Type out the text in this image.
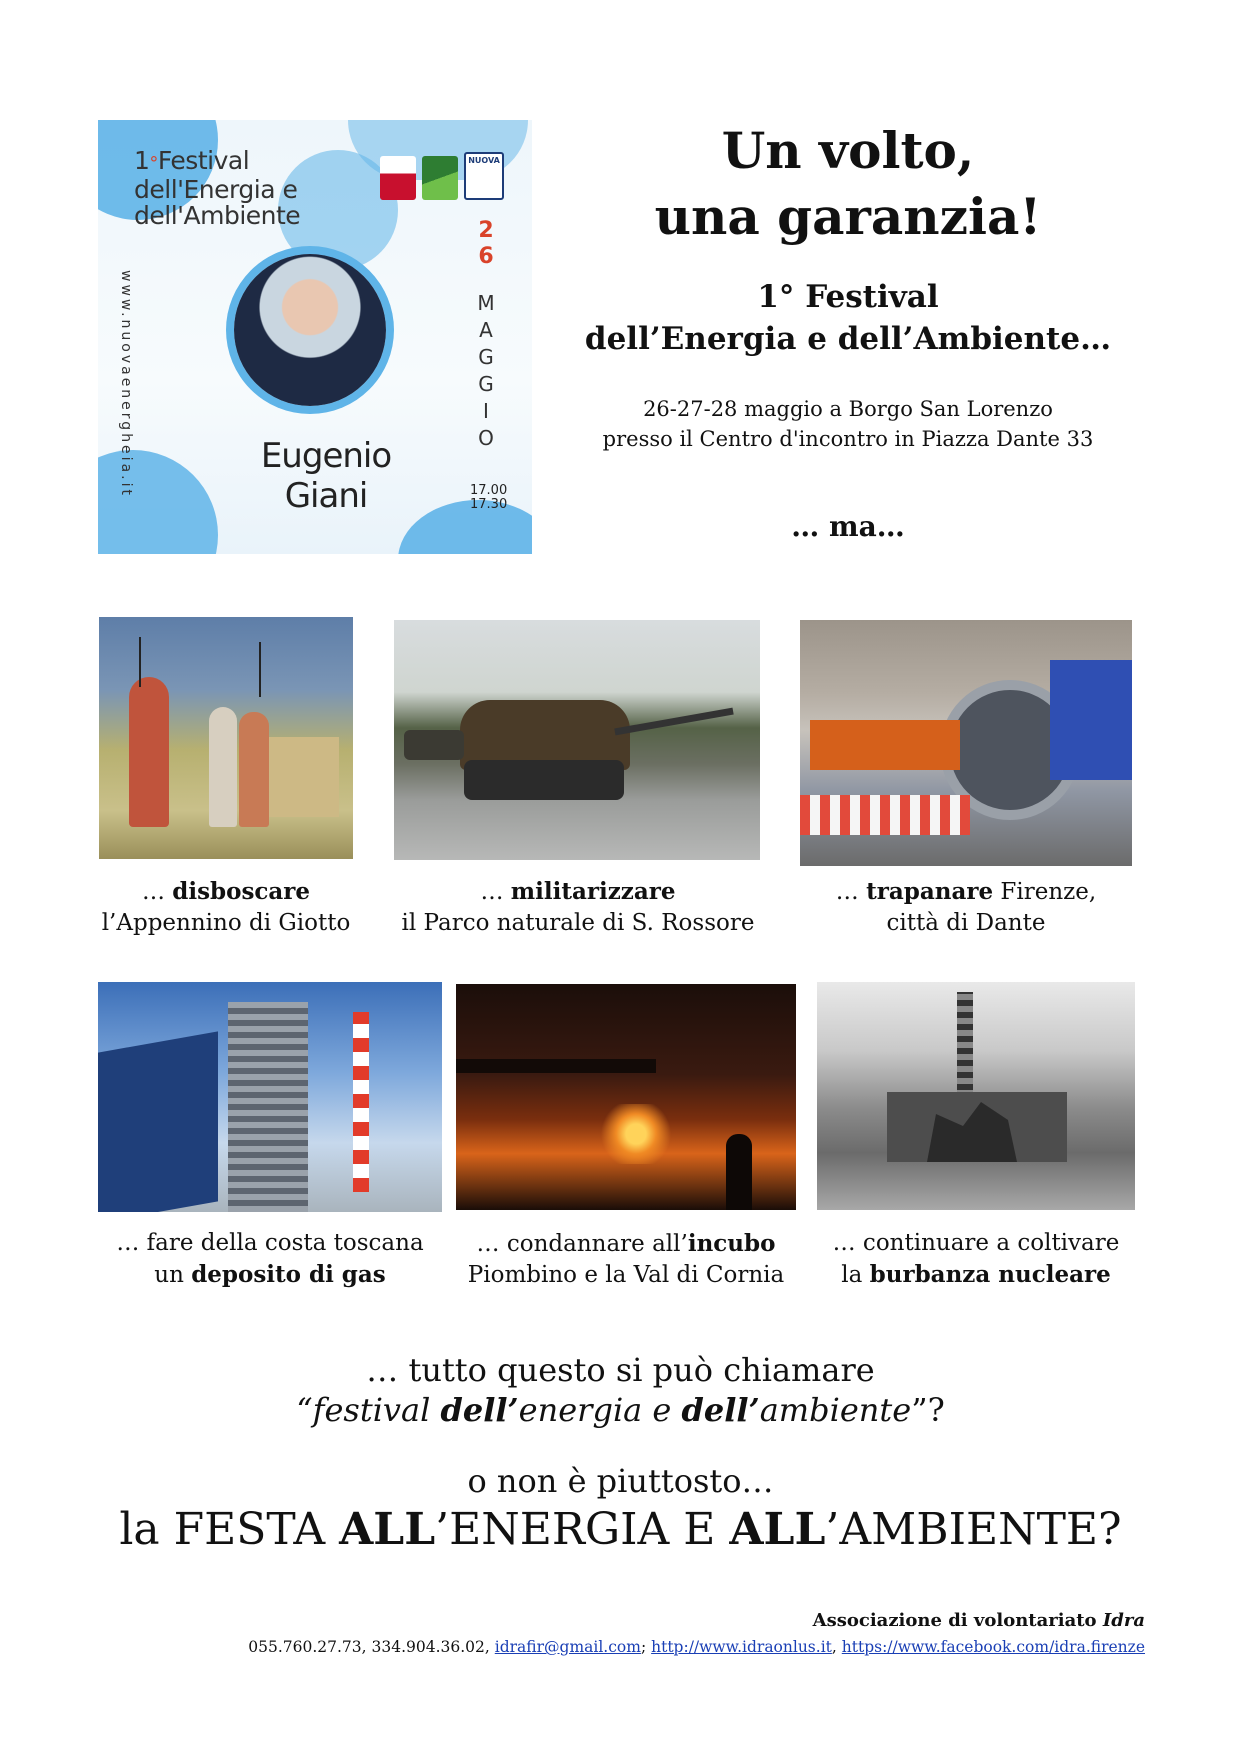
1°Festival
dell'Energia e
dell'Ambiente
NUOVA
2
6
M
A
G
G
I
O
Eugenio
Giani	17.00
17.30
www.nuovaenergheia.it
Un volto,
una garanzia!
1° Festival
dell’Energia e dell’Ambiente…
26-27-28 maggio a Borgo San Lorenzo
presso il Centro d'incontro in Piazza Dante 33
… ma…
… disboscare
l’Appennino di Giotto
… militarizzare
il Parco naturale di S. Rossore
… trapanare Firenze,
città di Dante
… fare della costa toscana
un deposito di gas
… condannare all’incubo
Piombino e la Val di Cornia
… continuare a coltivare
la burbanza nucleare
… tutto questo si può chiamare
“festival dell’energia e dell’ambiente”?
o non è piuttosto…
la FESTA ALL’ENERGIA E ALL’AMBIENTE?
Associazione di volontariato Idra
055.760.27.73, 334.904.36.02, idrafir@gmail.com; http://www.idraonlus.it, https://www.facebook.com/idra.firenze
